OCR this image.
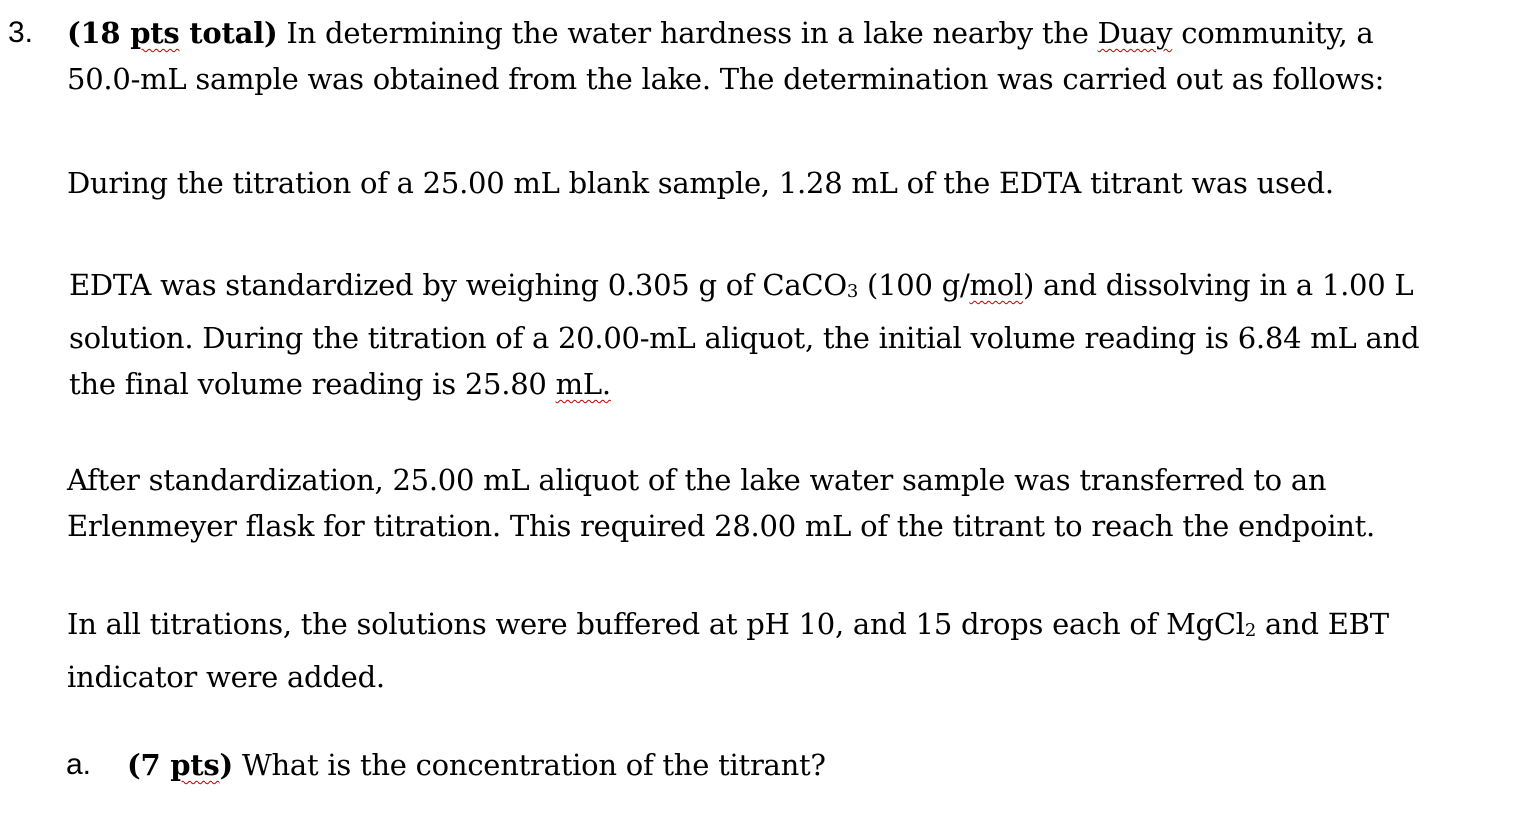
3. (18 pts total) In determining the water hardness in a lake nearby the Duay community, a
50.0-mL sample was obtained from the lake. The determination was carried out as follows:
During the titration of a 25.00 mL blank sample, 1.28 mL of the EDTA titrant was used.
EDTA was standardized by weighing 0.305 g of CaCO3 (100 g/mol) and dissolving in a 1.00 L
solution. During the titration of a 20.00-mL aliquot, the initial volume reading is 6.84 mL and
the final volume reading is 25.80 mL.
After standardization, 25.00 mL aliquot of the lake water sample was transferred to an
Erlenmeyer flask for titration. This required 28.00 mL of the titrant to reach the endpoint.
In all titrations, the solutions were buffered at pH 10, and 15 drops each of MgCl2 and EBT
indicator were added.
a. (7 pts) What is the concentration of the titrant?
